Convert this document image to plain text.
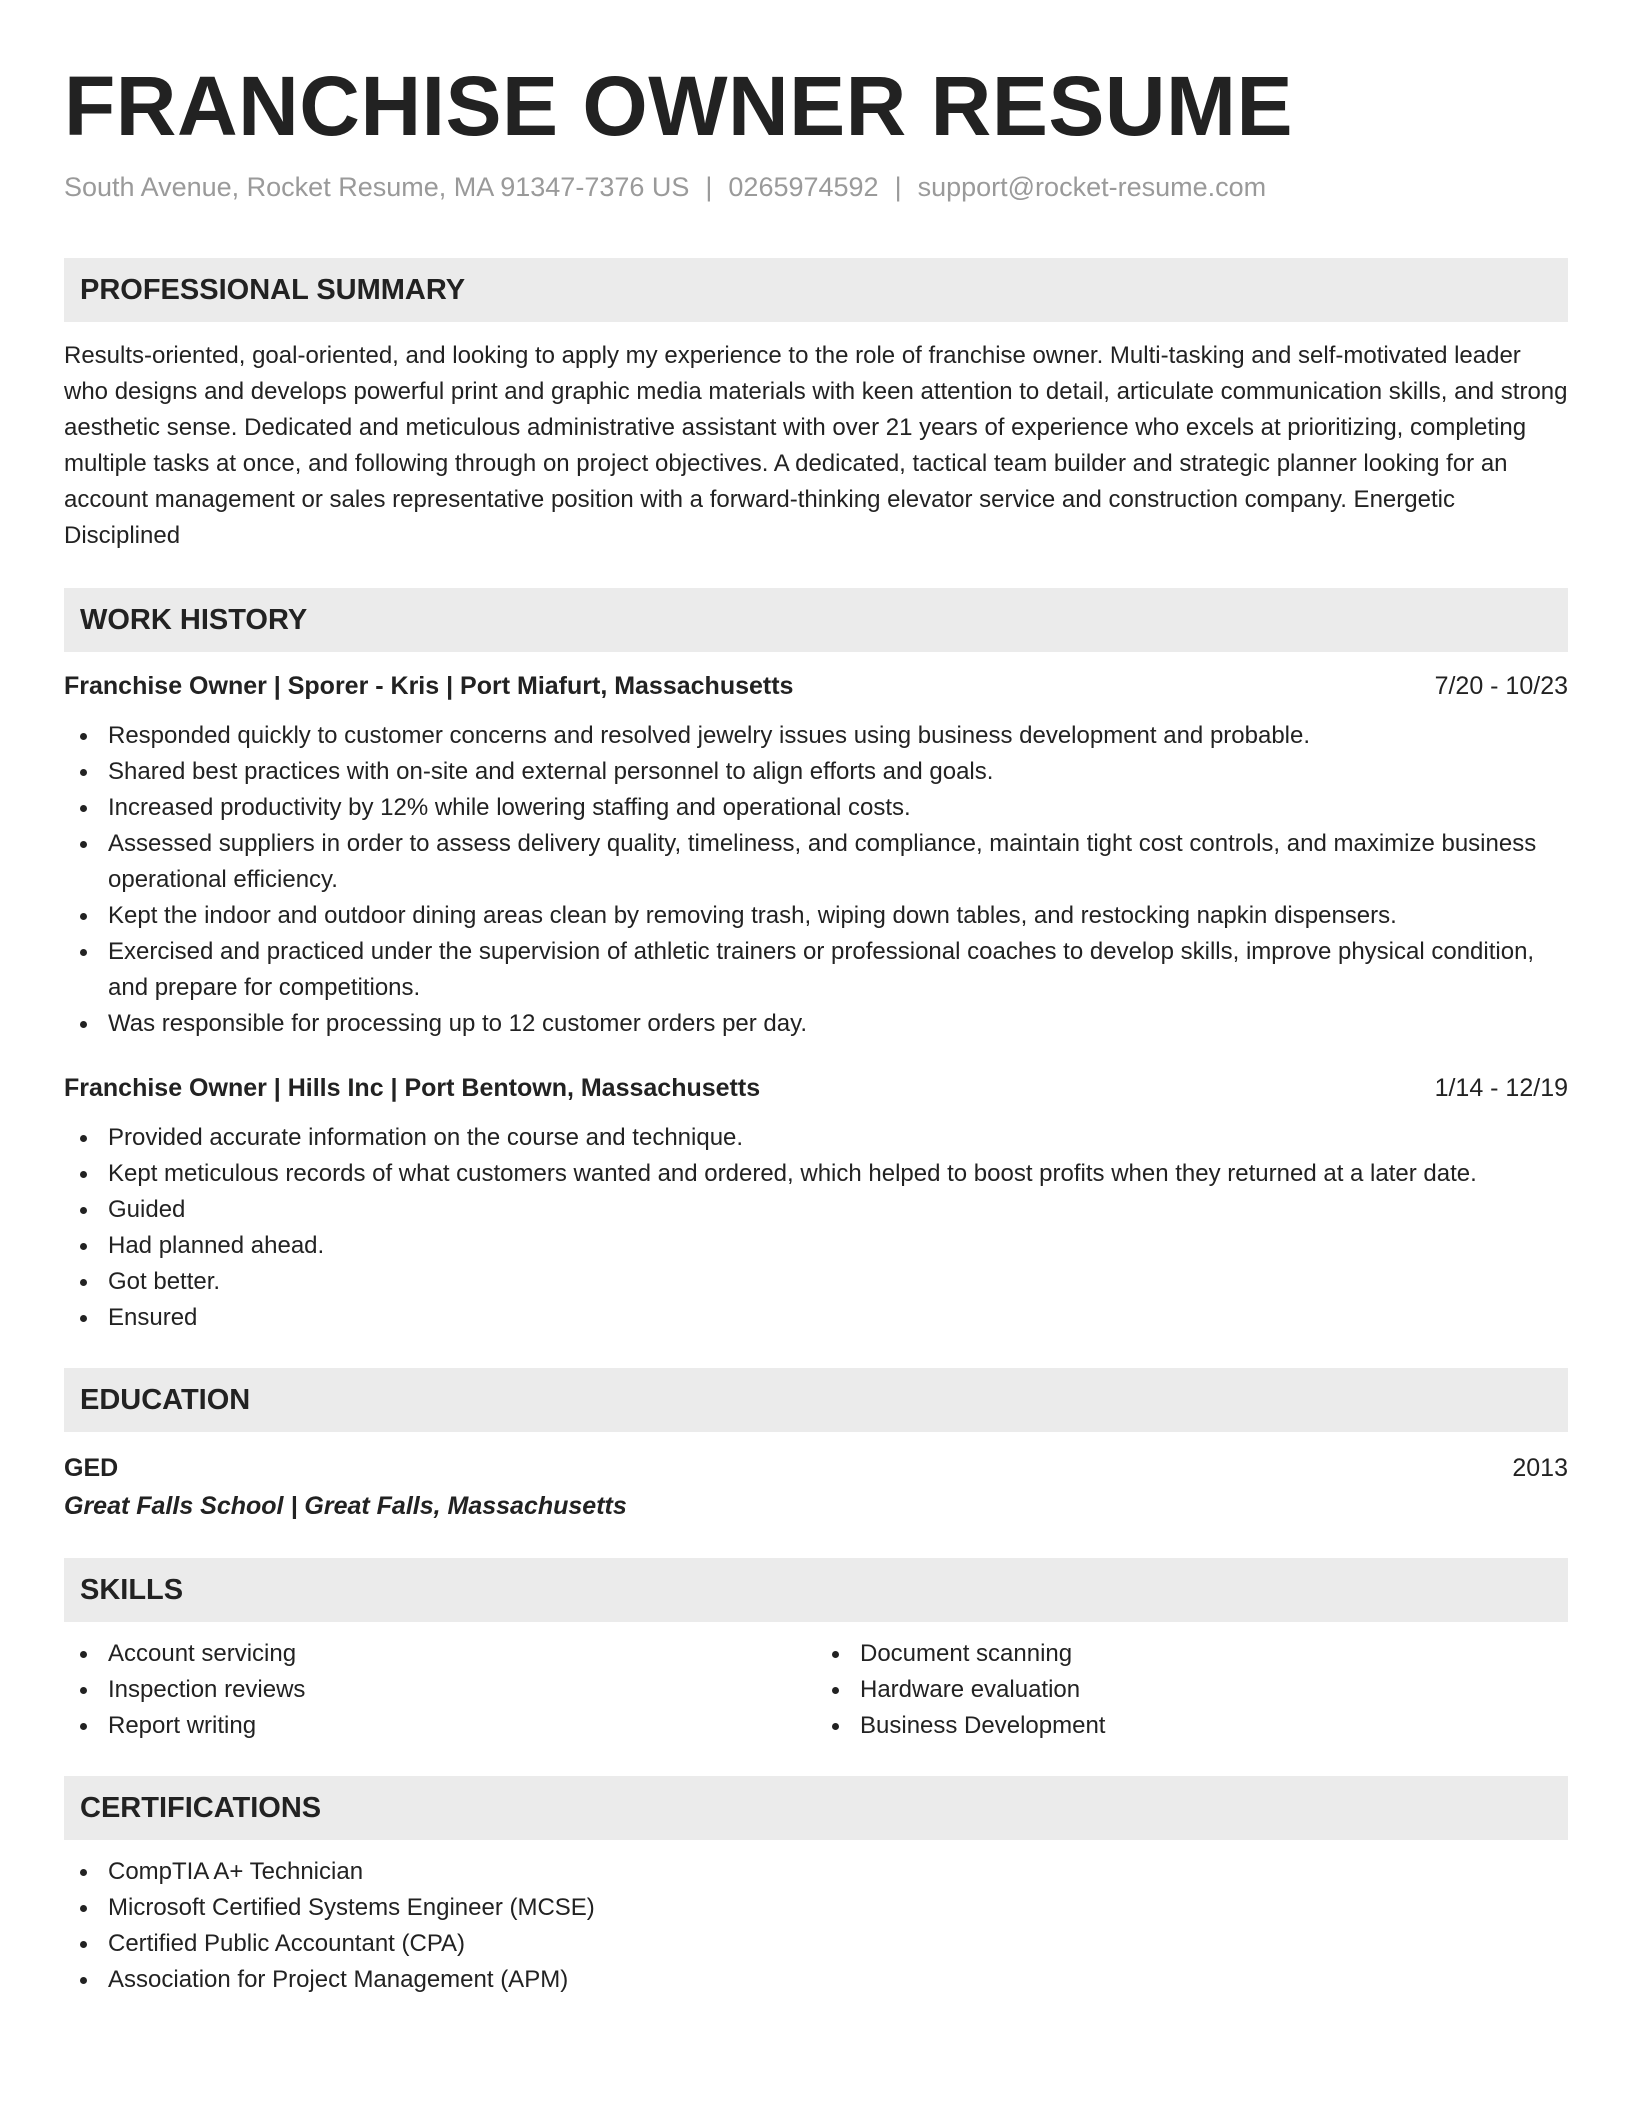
FRANCHISE OWNER RESUME
South Avenue, Rocket Resume, MA 91347-7376 US | 0265974592 | support@rocket-resume.com
PROFESSIONAL SUMMARY
Results-oriented, goal-oriented, and looking to apply my experience to the role of franchise owner. Multi-tasking and self-motivated leader who designs and develops powerful print and graphic media materials with keen attention to detail, articulate communication skills, and strong aesthetic sense. Dedicated and meticulous administrative assistant with over 21 years of experience who excels at prioritizing, completing multiple tasks at once, and following through on project objectives. A dedicated, tactical team builder and strategic planner looking for an account management or sales representative position with a forward-thinking elevator service and construction company. Energetic Disciplined
WORK HISTORY
Franchise Owner | Sporer - Kris | Port Miafurt, Massachusetts	7/20 - 10/23
Responded quickly to customer concerns and resolved jewelry issues using business development and probable.
Shared best practices with on-site and external personnel to align efforts and goals.
Increased productivity by 12% while lowering staffing and operational costs.
Assessed suppliers in order to assess delivery quality, timeliness, and compliance, maintain tight cost controls, and maximize business operational efficiency.
Kept the indoor and outdoor dining areas clean by removing trash, wiping down tables, and restocking napkin dispensers.
Exercised and practiced under the supervision of athletic trainers or professional coaches to develop skills, improve physical condition, and prepare for competitions.
Was responsible for processing up to 12 customer orders per day.
Franchise Owner | Hills Inc | Port Bentown, Massachusetts	1/14 - 12/19
Provided accurate information on the course and technique.
Kept meticulous records of what customers wanted and ordered, which helped to boost profits when they returned at a later date.
Guided
Had planned ahead.
Got better.
Ensured
EDUCATION
GED	2013
Great Falls School | Great Falls, Massachusetts
SKILLS
Account servicing
Inspection reviews
Report writing
Document scanning
Hardware evaluation
Business Development
CERTIFICATIONS
CompTIA A+ Technician
Microsoft Certified Systems Engineer (MCSE)
Certified Public Accountant (CPA)
Association for Project Management (APM)
